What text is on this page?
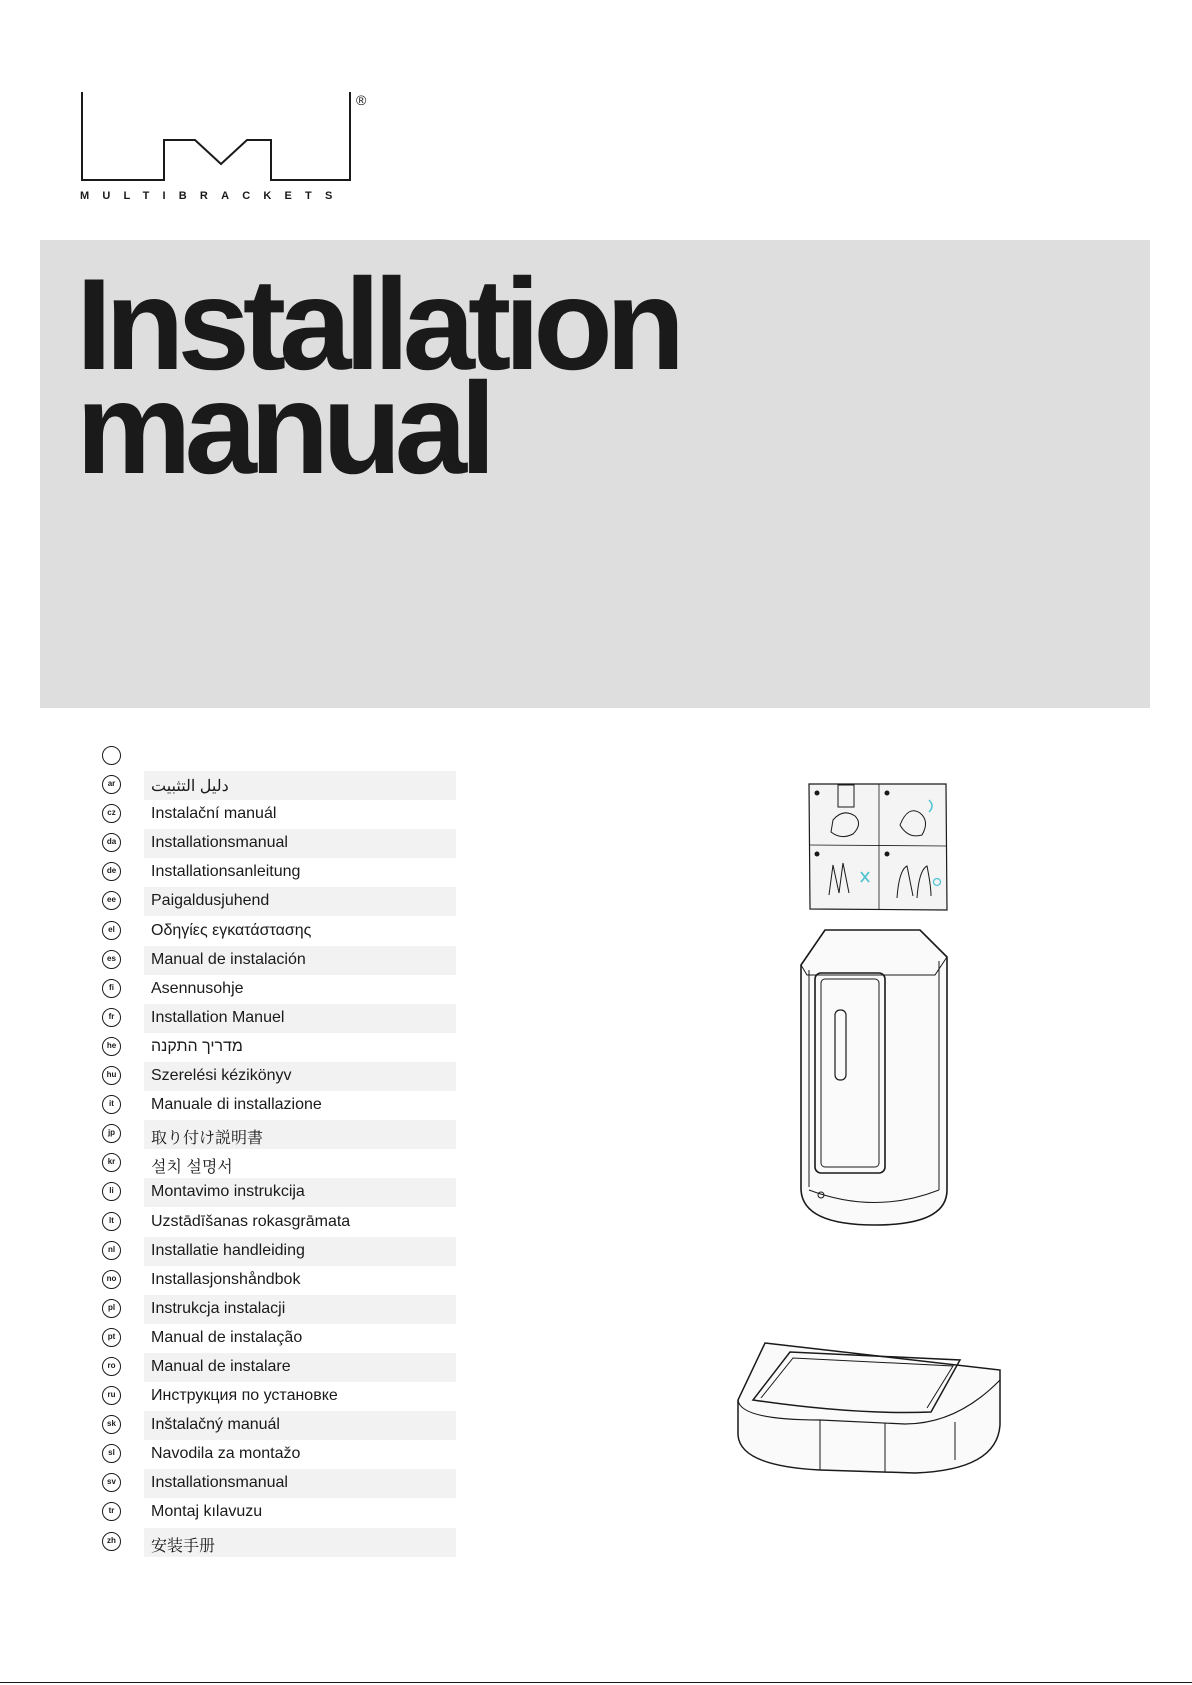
®
MULTIBRACKETS
Installation
manual
ar	دليل التثبيت
cz	Instalační manuál
da	Installationsmanual
de	Installationsanleitung
ee	Paigaldusjuhend
el	Οδηγίες εγκατάστασης
es	Manual de instalación
fi	Asennusohje
fr	Installation Manuel
he	מדריך התקנה
hu Szerelési kézikönyv
it	Manuale di installazione
jp	取り付け説明書
kr	설치 설명서
li	Montavimo instrukcija
lt	Uzstādīšanas rokasgrāmata
nl	Installatie handleiding
no Installasjonshåndbok
pl	Instrukcja instalacji
pt	Manual de instalação
ro	Manual de instalare
ru	Инструкция по установке
sk	Inštalačný manuál
sl	Navodila za montažo
sv	Installationsmanual
tr	Montaj kılavuzu
zh	安装手册
